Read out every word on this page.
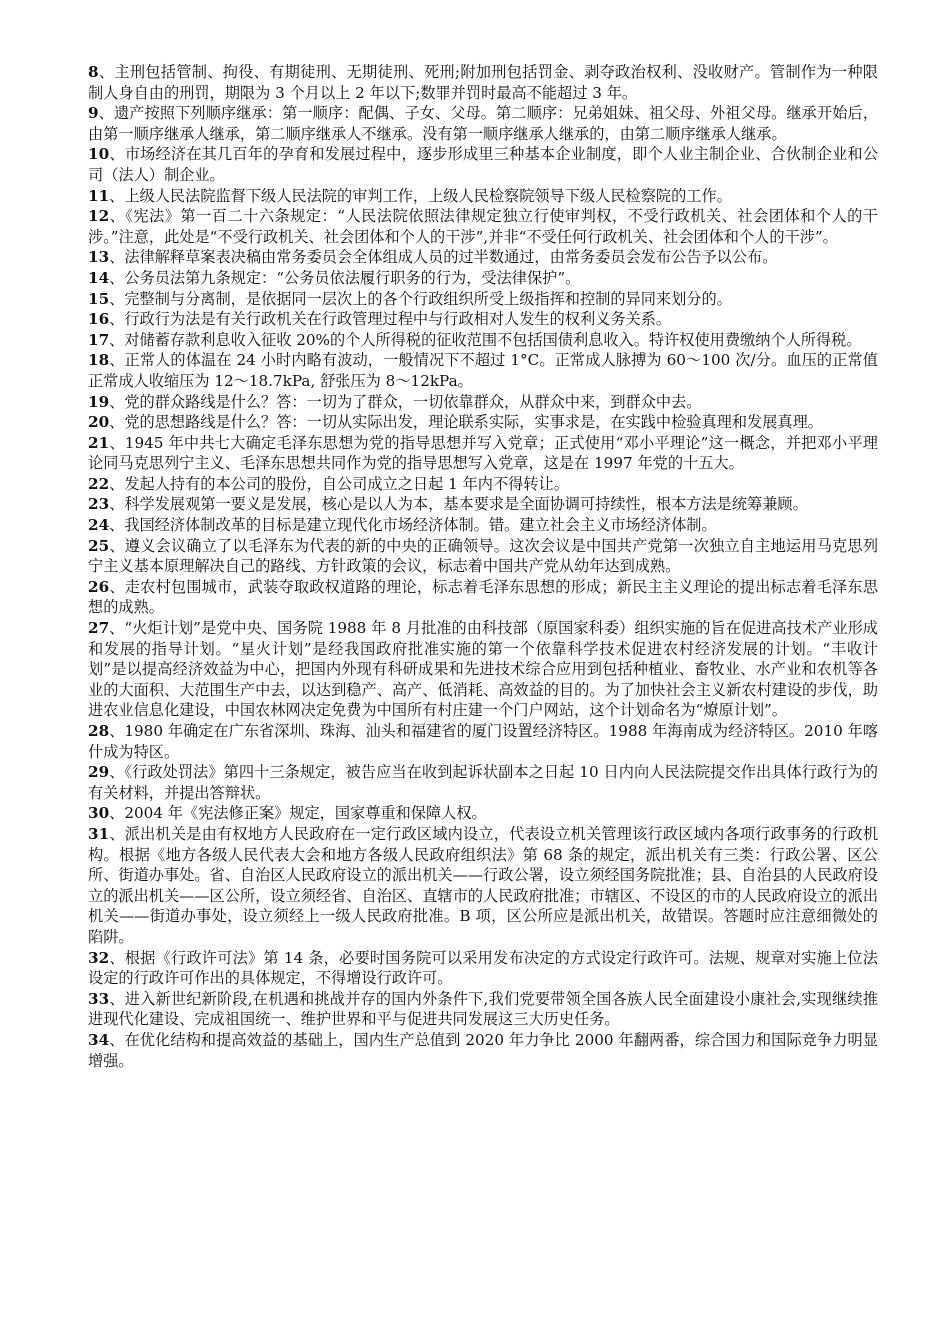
8、主刑包括管制、拘役、有期徒刑、无期徒刑、死刑;附加刑包括罚金、剥夺政治权利、没收财产。管制作为一种限制人身自由的刑罚，期限为 3 个月以上 2 年以下;数罪并罚时最高不能超过 3 年。

9、遗产按照下列顺序继承：第一顺序：配偶、子女、父母。第二顺序：兄弟姐妹、祖父母、外祖父母。继承开始后，由第一顺序继承人继承，第二顺序继承人不继承。没有第一顺序继承人继承的，由第二顺序继承人继承。

10、市场经济在其几百年的孕育和发展过程中，逐步形成里三种基本企业制度，即个人业主制企业、合伙制企业和公司（法人）制企业。

11、上级人民法院监督下级人民法院的审判工作，上级人民检察院领导下级人民检察院的工作。

12、《宪法》第一百二十六条规定：“人民法院依照法律规定独立行使审判权，不受行政机关、社会团体和个人的干涉。”注意，此处是“不受行政机关、社会团体和个人的干涉”,并非“不受任何行政机关、社会团体和个人的干涉”。

13、法律解释草案表决稿由常务委员会全体组成人员的过半数通过，由常务委员会发布公告予以公布。

14、公务员法第九条规定：“公务员依法履行职务的行为，受法律保护”。

15、完整制与分离制，是依据同一层次上的各个行政组织所受上级指挥和控制的异同来划分的。

16、行政行为法是有关行政机关在行政管理过程中与行政相对人发生的权利义务关系。

17、对储蓄存款利息收入征收 20%的个人所得税的征收范围不包括国债利息收入。特许权使用费缴纳个人所得税。

18、正常人的体温在 24 小时内略有波动，一般情况下不超过 1°C。正常成人脉搏为 60～100 次/分。血压的正常值正常成人收缩压为 12～18.7kPa, 舒张压为 8～12kPa。

19、党的群众路线是什么？答：一切为了群众，一切依靠群众，从群众中来，到群众中去。

20、党的思想路线是什么？答：一切从实际出发，理论联系实际，实事求是，在实践中检验真理和发展真理。

21、1945 年中共七大确定毛泽东思想为党的指导思想并写入党章；正式使用“邓小平理论”这一概念，并把邓小平理论同马克思列宁主义、毛泽东思想共同作为党的指导思想写入党章，这是在 1997 年党的十五大。

22、发起人持有的本公司的股份，自公司成立之日起 1 年内不得转让。

23、科学发展观第一要义是发展，核心是以人为本，基本要求是全面协调可持续性，根本方法是统筹兼顾。

24、我国经济体制改革的目标是建立现代化市场经济体制。错。建立社会主义市场经济体制。

25、遵义会议确立了以毛泽东为代表的新的中央的正确领导。这次会议是中国共产党第一次独立自主地运用马克思列宁主义基本原理解决自己的路线、方针政策的会议，标志着中国共产党从幼年达到成熟。

26、走农村包围城市，武装夺取政权道路的理论，标志着毛泽东思想的形成；新民主主义理论的提出标志着毛泽东思想的成熟。

27、“火炬计划”是党中央、国务院 1988 年 8 月批准的由科技部（原国家科委）组织实施的旨在促进高技术产业形成和发展的指导计划。“星火计划”是经我国政府批准实施的第一个依靠科学技术促进农村经济发展的计划。“丰收计划”是以提高经济效益为中心，把国内外现有科研成果和先进技术综合应用到包括种植业、畜牧业、水产业和农机等各业的大面积、大范围生产中去，以达到稳产、高产、低消耗、高效益的目的。为了加快社会主义新农村建设的步伐，助进农业信息化建设，中国农林网决定免费为中国所有村庄建一个门户网站，这个计划命名为“燎原计划”。

28、1980 年确定在广东省深圳、珠海、汕头和福建省的厦门设置经济特区。1988 年海南成为经济特区。2010 年喀什成为特区。

29、《行政处罚法》第四十三条规定，被告应当在收到起诉状副本之日起 10 日内向人民法院提交作出具体行政行为的有关材料，并提出答辩状。

30、2004 年《宪法修正案》规定，国家尊重和保障人权。

31、派出机关是由有权地方人民政府在一定行政区域内设立，代表设立机关管理该行政区域内各项行政事务的行政机构。根据《地方各级人民代表大会和地方各级人民政府组织法》第 68 条的规定，派出机关有三类：行政公署、区公所、街道办事处。省、自治区人民政府设立的派出机关——行政公署，设立须经国务院批准；县、自治县的人民政府设立的派出机关——区公所，设立须经省、自治区、直辖市的人民政府批准；市辖区、不设区的市的人民政府设立的派出机关——街道办事处，设立须经上一级人民政府批准。B 项，区公所应是派出机关，故错误。答题时应注意细微处的陷阱。

32、根据《行政许可法》第 14 条，必要时国务院可以采用发布决定的方式设定行政许可。法规、规章对实施上位法设定的行政许可作出的具体规定，不得增设行政许可。

33、进入新世纪新阶段,在机遇和挑战并存的国内外条件下,我们党要带领全国各族人民全面建设小康社会,实现继续推进现代化建设、完成祖国统一、维护世界和平与促进共同发展这三大历史任务。

34、在优化结构和提高效益的基础上，国内生产总值到 2020 年力争比 2000 年翻两番，综合国力和国际竞争力明显增强。
